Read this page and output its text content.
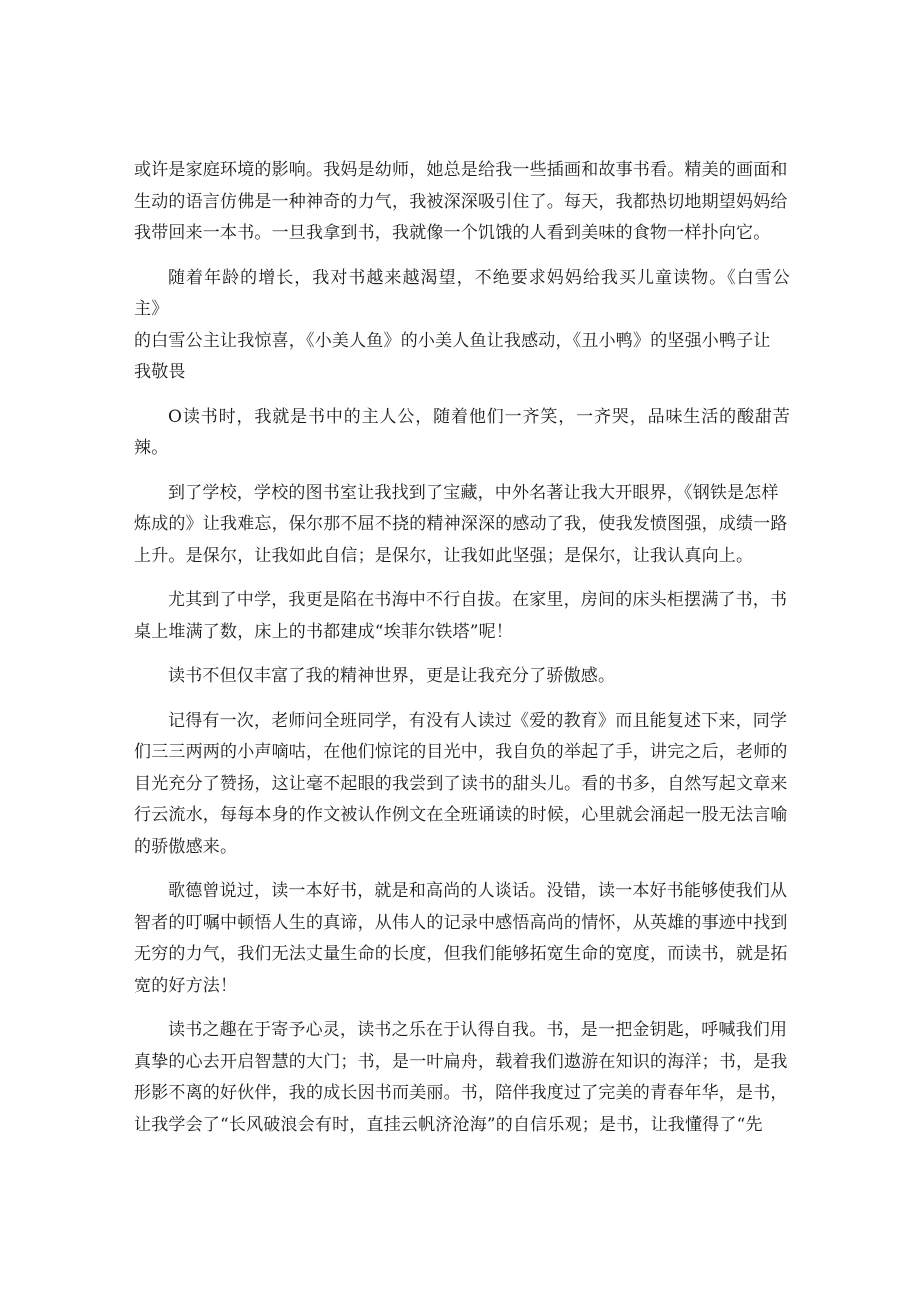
或许是家庭环境的影响。我妈是幼师，她总是给我一些插画和故事书看。精美的画面和
生动的语言仿佛是一种神奇的力气，我被深深吸引住了。每天，我都热切地期望妈妈给
我带回来一本书。一旦我拿到书，我就像一个饥饿的人看到美味的食物一样扑向它。

随着年龄的增长，我对书越来越渴望，不绝要求妈妈给我买儿童读物。《白雪公主》
的白雪公主让我惊喜，《小美人鱼》的小美人鱼让我感动，《丑小鸭》的坚强小鸭子让
我敬畏

O读书时，我就是书中的主人公，随着他们一齐笑，一齐哭，品味生活的酸甜苦辣。

到了学校，学校的图书室让我找到了宝藏，中外名著让我大开眼界，《钢铁是怎样
炼成的》让我难忘，保尔那不屈不挠的精神深深的感动了我，使我发愤图强，成绩一路
上升。是保尔，让我如此自信；是保尔，让我如此坚强；是保尔，让我认真向上。

尤其到了中学，我更是陷在书海中不行自拔。在家里，房间的床头柜摆满了书，书
桌上堆满了数，床上的书都建成“埃菲尔铁塔”呢！

读书不但仅丰富了我的精神世界，更是让我充分了骄傲感。

记得有一次，老师问全班同学，有没有人读过《爱的教育》而且能复述下来，同学
们三三两两的小声嘀咕，在他们惊诧的目光中，我自负的举起了手，讲完之后，老师的
目光充分了赞扬，这让毫不起眼的我尝到了读书的甜头儿。看的书多，自然写起文章来
行云流水，每每本身的作文被认作例文在全班诵读的时候，心里就会涌起一股无法言喻
的骄傲感来。

歌德曾说过，读一本好书，就是和高尚的人谈话。没错，读一本好书能够使我们从
智者的叮嘱中顿悟人生的真谛，从伟人的记录中感悟高尚的情怀，从英雄的事迹中找到
无穷的力气，我们无法丈量生命的长度，但我们能够拓宽生命的宽度，而读书，就是拓
宽的好方法！

读书之趣在于寄予心灵，读书之乐在于认得自我。书，是一把金钥匙，呼喊我们用
真挚的心去开启智慧的大门；书，是一叶扁舟，载着我们遨游在知识的海洋；书，是我
形影不离的好伙伴，我的成长因书而美丽。书，陪伴我度过了完美的青春年华，是书，
让我学会了“长风破浪会有时，直挂云帆济沧海”的自信乐观；是书，让我懂得了“先
